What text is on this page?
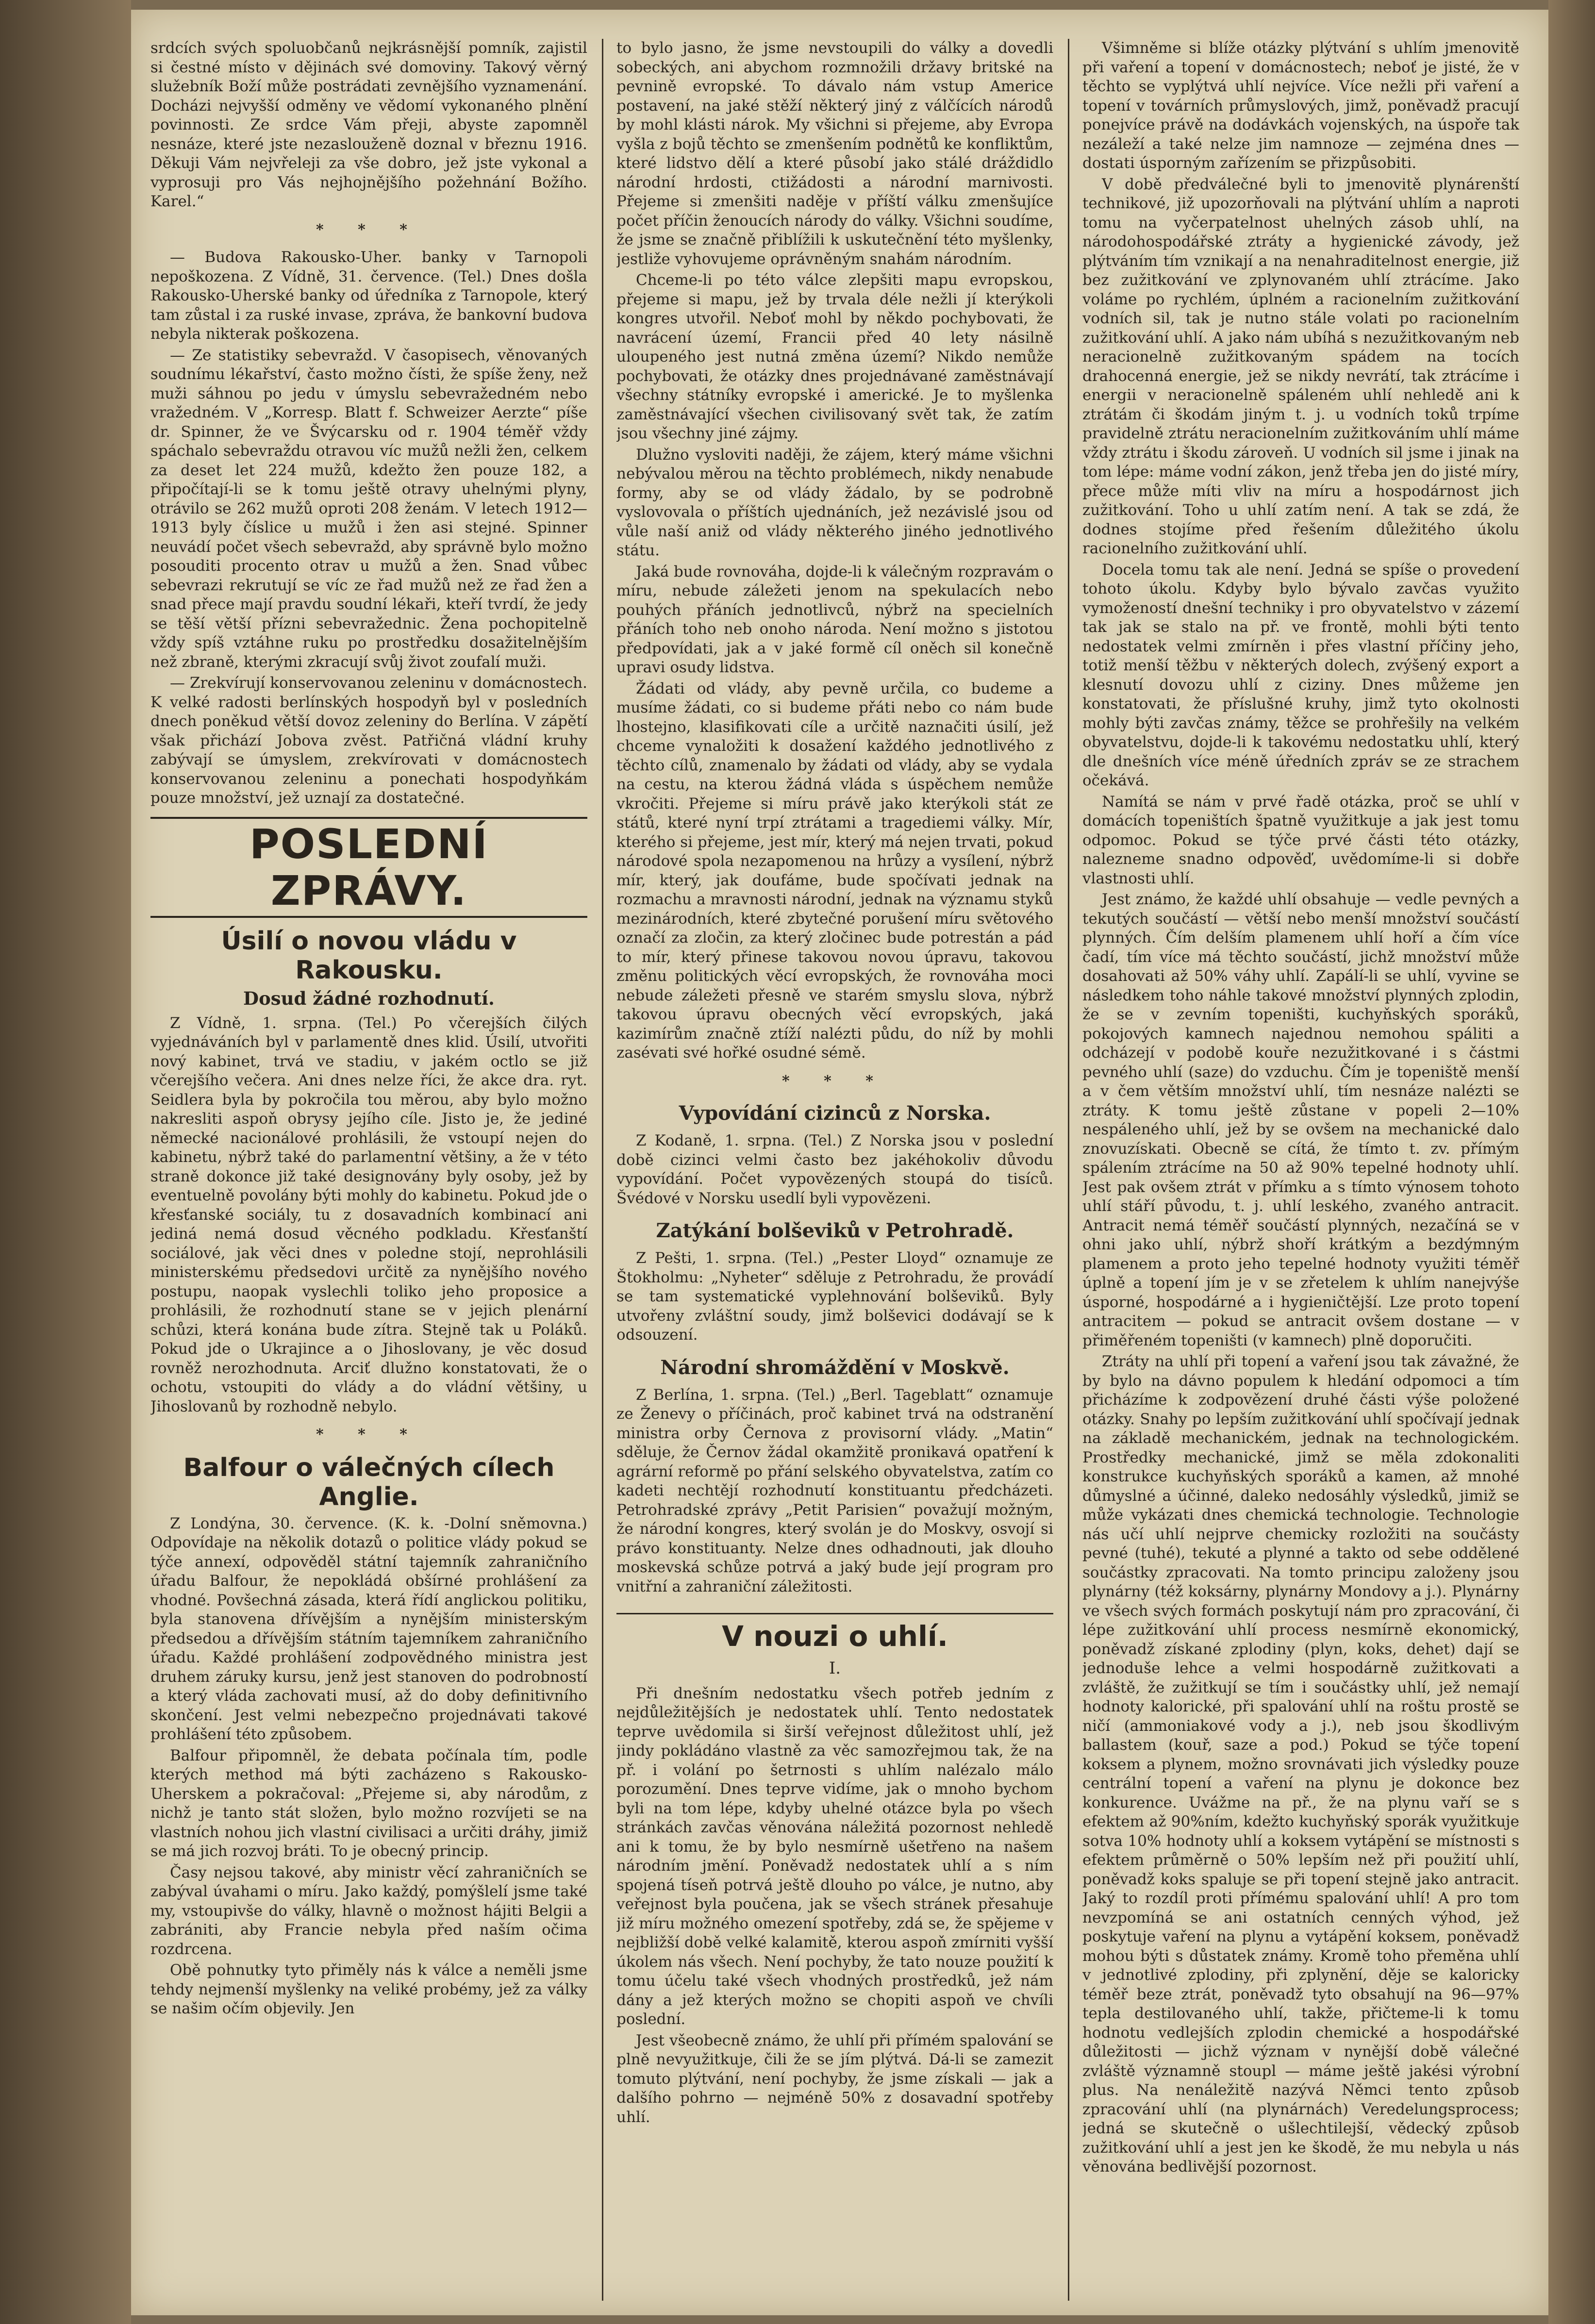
srdcích svých spoluobčanů nejkrásnější pomník, zajistil si čestné místo v dějinách své domoviny. Takový věrný služebník Boží může postrádati zevnějšího vyznamenání. Docházi nejvyšší odměny ve vědomí vykonaného plnění povinnosti. Ze srdce Vám přeji, abyste zapomněl nesnáze, které jste nezaslouženě doznal v březnu 1916. Děkuji Vám nejvřeleji za vše dobro, jež jste vykonal a vyprosuji pro Vás nejhojnějšího požehnání Božího. Karel.“

* * *

— Budova Rakousko-Uher. banky v Tarnopoli nepoškozena. Z Vídně, 31. července. (Tel.) Dnes došla Rakousko-Uherské banky od úředníka z Tarnopole, který tam zůstal i za ruské invase, zpráva, že bankovní budova nebyla nikterak poškozena.

— Ze statistiky sebevražd. V časopisech, věnovaných soudnímu lékařství, často možno čísti, že spíše ženy, než muži sáhnou po jedu v úmyslu sebevražedném nebo vražedném. V „Korresp. Blatt f. Schweizer Aerzte“ píše dr. Spinner, že ve Švýcarsku od r. 1904 téměř vždy spáchalo sebevraždu otravou víc mužů nežli žen, celkem za deset let 224 mužů, kdežto žen pouze 182, a připočítají-li se k tomu ještě otravy uhelnými plyny, otrávilo se 262 mužů oproti 208 ženám. V letech 1912—1913 byly číslice u mužů i žen asi stejné. Spinner neuvádí počet všech sebevražd, aby správně bylo možno posouditi procento otrav u mužů a žen. Snad vůbec sebevrazi rekrutují se víc ze řad mužů než ze řad žen a snad přece mají pravdu soudní lékaři, kteří tvrdí, že jedy se těší větší přízni sebevražednic. Žena pochopitelně vždy spíš vztáhne ruku po prostředku dosažitelnějším než zbraně, kterými zkracují svůj život zoufalí muži.

— Zrekvírují konservovanou zeleninu v domácnostech. K velké radosti berlínských hospodyň byl v posledních dnech poněkud větší dovoz zeleniny do Berlína. V zápětí však přichází Jobova zvěst. Patřičná vládní kruhy zabývají se úmyslem, zrekvírovati v domácnostech konservovanou zeleninu a ponechati hospodyňkám pouze množství, jež uznají za dostatečné.

POSLEDNÍ ZPRÁVY.
Úsilí o novou vládu v Rakousku.
Dosud žádné rozhodnutí.

Z Vídně, 1. srpna. (Tel.) Po včerejších čilých vyjednáváních byl v parlamentě dnes klid. Úsilí, utvořiti nový kabinet, trvá ve stadiu, v jakém octlo se již včerejšího večera. Ani dnes nelze říci, že akce dra. ryt. Seidlera byla by pokročila tou měrou, aby bylo možno nakresliti aspoň obrysy jejího cíle. Jisto je, že jediné německé nacionálové prohlásili, že vstoupí nejen do kabinetu, nýbrž také do parlamentní většiny, a že v této straně dokonce již také designovány byly osoby, jež by eventuelně povolány býti mohly do kabinetu. Pokud jde o křesťanské sociály, tu z dosavadních kombinací ani jediná nemá dosud věcného podkladu. Křesťanští sociálové, jak věci dnes v poledne stojí, neprohlásili ministerskému předsedovi určitě za nynějšího nového postupu, naopak vyslechli toliko jeho proposice a prohlásili, že rozhodnutí stane se v jejich plenární schůzi, která konána bude zítra. Stejně tak u Poláků. Pokud jde o Ukrajince a o Jihoslovany, je věc dosud rovněž nerozhodnuta. Arciť dlužno konstatovati, že o ochotu, vstoupiti do vlády a do vládní většiny, u Jihoslovanů by rozhodně nebylo.

* * *
Balfour o válečných cílech Anglie.

Z Londýna, 30. července. (K. k. -Dolní sněmovna.) Odpovídaje na několik dotazů o politice vlády pokud se týče annexí, odpověděl státní tajemník zahraničního úřadu Balfour, že nepokládá obšírné prohlášení za vhodné. Povšechná zásada, která řídí anglickou politiku, byla stanovena dřívějším a nynějším ministerským předsedou a dřívějším státním tajemníkem zahraničního úřadu. Každé prohlášení zodpovědného ministra jest druhem záruky kursu, jenž jest stanoven do podrobností a který vláda zachovati musí, až do doby definitivního skončení. Jest velmi nebezpečno projednávati takové prohlášení této způsobem.

Balfour připomněl, že debata počínala tím, podle kterých method má býti zacházeno s Rakousko-Uherskem a pokračoval: „Přejeme si, aby národům, z nichž je tanto stát složen, bylo možno rozvíjeti se na vlastních nohou jich vlastní civilisaci a určiti dráhy, jimiž se má jich rozvoj bráti. To je obecný princip.

Časy nejsou takové, aby ministr věcí zahraničních se zabýval úvahami o míru. Jako každý, pomýšlelí jsme také my, vstoupivše do války, hlavně o možnost hájiti Belgii a zabrániti, aby Francie nebyla před naším očima rozdrcena.

Obě pohnutky tyto přiměly nás k válce a neměli jsme tehdy nejmenší myšlenky na veliké probémy, jež za války se našim očím objevily. Jen

to bylo jasno, že jsme nevstoupili do války a dovedli sobeckých, ani abychom rozmnožili državy britské na pevnině evropské. To dávalo nám vstup Americe postavení, na jaké stěží některý jiný z válčících národů by mohl klásti nárok. My všichni si přejeme, aby Evropa vyšla z bojů těchto se zmenšením podnětů ke konfliktům, které lidstvo dělí a které působí jako stálé dráždidlo národní hrdosti, ctižádosti a národní marnivosti. Přejeme si zmenšiti naděje v příští válku zmenšujíce počet příčin ženoucích národy do války. Všichni soudíme, že jsme se značně přiblížili k uskutečnění této myšlenky, jestliže vyhovujeme oprávněným snahám národním.

Chceme-li po této válce zlepšiti mapu evropskou, přejeme si mapu, jež by trvala déle nežli jí kterýkoli kongres utvořil. Neboť mohl by někdo pochybovati, že navrácení území, Francii před 40 lety násilně uloupeného jest nutná změna území? Nikdo nemůže pochybovati, že otázky dnes projednávané zaměstnávají všechny státníky evropské i americké. Je to myšlenka zaměstnávající všechen civilisovaný svět tak, že zatím jsou všechny jiné zájmy.

Dlužno vysloviti naději, že zájem, který máme všichni nebývalou měrou na těchto problémech, nikdy nenabude formy, aby se od vlády žádalo, by se podrobně vyslovovala o příštích ujednáních, jež nezávislé jsou od vůle naší aniž od vlády některého jiného jednotlivého státu.

Jaká bude rovnováha, dojde-li k válečným rozpravám o míru, nebude záležeti jenom na spekulacích nebo pouhých přáních jednotlivců, nýbrž na specielních přáních toho neb onoho národa. Není možno s jistotou předpovídati, jak a v jaké formě cíl oněch sil konečně upravi osudy lidstva.

Žádati od vlády, aby pevně určila, co budeme a musíme žádati, co si budeme přáti nebo co nám bude lhostejno, klasifikovati cíle a určitě naznačiti úsilí, jež chceme vynaložiti k dosažení každého jednotlivého z těchto cílů, znamenalo by žádati od vlády, aby se vydala na cestu, na kterou žádná vláda s úspěchem nemůže vkročiti. Přejeme si míru právě jako kterýkoli stát ze států, které nyní trpí ztrátami a tragediemi války. Mír, kterého si přejeme, jest mír, který má nejen trvati, pokud národové spola nezapomenou na hrůzy a vysílení, nýbrž mír, který, jak doufáme, bude spočívati jednak na rozmachu a mravnosti národní, jednak na významu styků mezinárodních, které zbytečné porušení míru světového označí za zločin, za který zločinec bude potrestán a pád to mír, který přinese takovou novou úpravu, takovou změnu politických věcí evropských, že rovnováha moci nebude záležeti přesně ve starém smyslu slova, nýbrž takovou úpravu obecných věcí evropských, jaká kazimírům značně ztíží nalézti půdu, do níž by mohli zasévati své hořké osudné sémě.

* * *
Vypovídání cizinců z Norska.

Z Kodaně, 1. srpna. (Tel.) Z Norska jsou v poslední době cizinci velmi často bez jakéhokoliv důvodu vypovídání. Počet vypovězených stoupá do tisíců. Švédové v Norsku usedlí byli vypovězeni.

Zatýkání bolševiků v Petrohradě.

Z Pešti, 1. srpna. (Tel.) „Pester Lloyd“ oznamuje ze Štokholmu: „Nyheter“ sděluje z Petrohradu, že provádí se tam systematické vyplehnování bolševiků. Byly utvořeny zvláštní soudy, jimž bolševici dodávají se k odsouzení.

Národní shromáždění v Moskvě.

Z Berlína, 1. srpna. (Tel.) „Berl. Tageblatt“ oznamuje ze Ženevy o příčinách, proč kabinet trvá na odstranění ministra orby Černova z provisorní vlády. „Matin“ sděluje, že Černov žádal okamžitě pronikavá opatření k agrární reformě po přání selského obyvatelstva, zatím co kadeti nechtějí rozhodnutí konstituantu předcházeti. Petrohradské zprávy „Petit Parisien“ považují možným, že národní kongres, který svolán je do Moskvy, osvojí si právo konstituanty. Nelze dnes odhadnouti, jak dlouho moskevská schůze potrvá a jaký bude její program pro vnitřní a zahraniční záležitosti.

V nouzi o uhlí.
I.

Při dnešním nedostatku všech potřeb jedním z nejdůležitějších je nedostatek uhlí. Tento nedostatek teprve uvědomila si širší veřejnost důležitost uhlí, jež jindy pokládáno vlastně za věc samozřejmou tak, že na př. i volání po šetrnosti s uhlím nalézalo málo porozumění. Dnes teprve vidíme, jak o mnoho bychom byli na tom lépe, kdyby uhelné otázce byla po všech stránkách zavčas věnována náležitá pozornost nehledě ani k tomu, že by bylo nesmírně ušetřeno na našem národním jmění. Poněvadž nedostatek uhlí a s ním spojená tíseň potrvá ještě dlouho po válce, je nutno, aby veřejnost byla poučena, jak se všech stránek přesahuje již míru možného omezení spotřeby, zdá se, že spějeme v nejbližší době velké kalamitě, kterou aspoň zmírniti vyšší úkolem nás všech. Není pochyby, že tato nouze použití k tomu účelu také všech vhodných prostředků, jež nám dány a jež kterých možno se chopiti aspoň ve chvíli poslední.

Jest všeobecně známo, že uhlí při přímém spalování se plně nevyužitkuje, čili že se jím plýtvá. Dá-li se zamezit tomuto plýtvání, není pochyby, že jsme získali — jak a dalšího pohrno — nejméně 50% z dosavadní spotřeby uhlí.

Všimněme si blíže otázky plýtvání s uhlím jmenovitě při vaření a topení v domácnostech; neboť je jisté, že v těchto se vyplýtvá uhlí nejvíce. Více nežli při vaření a topení v továrních průmyslových, jimž, poněvadž pracují ponejvíce právě na dodávkách vojenských, na úspoře tak nezáleží a také nelze jim namnoze — zejména dnes — dostati úsporným zařízením se přizpůsobiti.

V době předválečné byli to jmenovitě plynárenští technikové, již upozorňovali na plýtvání uhlím a naproti tomu na vyčerpatelnost uhelných zásob uhlí, na národohospodářské ztráty a hygienické závody, jež plýtváním tím vznikají a na nenahraditelnost energie, již bez zužitkování ve zplynovaném uhlí ztrácíme. Jako voláme po rychlém, úplném a racionelním zužitkování vodních sil, tak je nutno stále volati po racionelním zužitkování uhlí. A jako nám ubíhá s nezužitkovaným neb neracionelně zužitkovaným spádem na tocích drahocenná energie, jež se nikdy nevrátí, tak ztrácíme i energii v neracionelně spáleném uhlí nehledě ani k ztrátám či škodám jiným t. j. u vodních toků trpíme pravidelně ztrátu neracionelním zužitkováním uhlí máme vždy ztrátu i škodu zároveň. U vodních sil jsme i jinak na tom lépe: máme vodní zákon, jenž třeba jen do jisté míry, přece může míti vliv na míru a hospodárnost jich zužitkování. Toho u uhlí zatím není. A tak se zdá, že dodnes stojíme před řešením důležitého úkolu racionelního zužitkování uhlí.

Docela tomu tak ale není. Jedná se spíše o provedení tohoto úkolu. Kdyby bylo bývalo zavčas využito vymožeností dnešní techniky i pro obyvatelstvo v zázemí tak jak se stalo na př. ve frontě, mohli býti tento nedostatek velmi zmírněn i přes vlastní příčiny jeho, totiž menší těžbu v některých dolech, zvýšený export a klesnutí dovozu uhlí z ciziny. Dnes můžeme jen konstatovati, že příslušné kruhy, jimž tyto okolnosti mohly býti zavčas známy, těžce se prohřešily na velkém obyvatelstvu, dojde-li k takovému nedostatku uhlí, který dle dnešních více méně úředních zpráv se ze strachem očekává.

Namítá se nám v prvé řadě otázka, proč se uhlí v domácích topeništích špatně využitkuje a jak jest tomu odpomoc. Pokud se týče prvé části této otázky, nalezneme snadno odpověď, uvědomíme-li si dobře vlastnosti uhlí.

Jest známo, že každé uhlí obsahuje — vedle pevných a tekutých součástí — větší nebo menší množství součástí plynných. Čím delším plamenem uhlí hoří a čím více čadí, tím více má těchto součástí, jichž množství může dosahovati až 50% váhy uhlí. Zapálí-li se uhlí, vyvine se následkem toho náhle takové množství plynných zplodin, že se v zevním topeništi, kuchyňských sporáků, pokojových kamnech najednou nemohou spáliti a odcházejí v podobě kouře nezužitkované i s částmi pevného uhlí (saze) do vzduchu. Čím je topeniště menší a v čem větším množství uhlí, tím nesnáze nalézti se ztráty. K tomu ještě zůstane v popeli 2—10% nespáleného uhlí, jež by se ovšem na mechanické dalo znovuzískati. Obecně se cítá, že tímto t. zv. přímým spálením ztrácíme na 50 až 90% tepelné hodnoty uhlí. Jest pak ovšem ztrát v přímku a s tímto výnosem tohoto uhlí stáří původu, t. j. uhlí leského, zvaného antracit. Antracit nemá téměř součástí plynných, nezačíná se v ohni jako uhlí, nýbrž shoří krátkým a bezdýmným plamenem a proto jeho tepelné hodnoty využiti téměř úplně a topení jím je v se zřetelem k uhlím nanejvýše úsporné, hospodárné a i hygieničtější. Lze proto topení antracitem — pokud se antracit ovšem dostane — v přiměřeném topeništi (v kamnech) plně doporučiti.

Ztráty na uhlí při topení a vaření jsou tak závažné, že by bylo na dávno populem k hledání odpomoci a tím přicházíme k zodpovězení druhé části výše položené otázky. Snahy po lepším zužitkování uhlí spočívají jednak na základě mechanickém, jednak na technologickém. Prostředky mechanické, jimž se měla zdokonaliti konstrukce kuchyňských sporáků a kamen, až mnohé důmyslné a účinné, daleko nedosáhly výsledků, jimiž se může vykázati dnes chemická technologie. Technologie nás učí uhlí nejprve chemicky rozložiti na součásty pevné (tuhé), tekuté a plynné a takto od sebe oddělené součástky zpracovati. Na tomto principu založeny jsou plynárny (též koksárny, plynárny Mondovy a j.). Plynárny ve všech svých formách poskytují nám pro zpracování, či lépe zužitkování uhlí process nesmírně ekonomický, poněvadž získané zplodiny (plyn, koks, dehet) dají se jednoduše lehce a velmi hospodárně zužitkovati a zvláště, že zužitkují se tím i součástky uhlí, jež nemají hodnoty kalorické, při spalování uhlí na roštu prostě se ničí (ammoniakové vody a j.), neb jsou škodlivým ballastem (kouř, saze a pod.) Pokud se týče topení koksem a plynem, možno srovnávati jich výsledky pouze centrální topení a vaření na plynu je dokonce bez konkurence. Uvážme na př., že na plynu vaří se s efektem až 90%ním, kdežto kuchyňský sporák využitkuje sotva 10% hodnoty uhlí a koksem vytápění se místnosti s efektem průměrně o 50% lepším než při použití uhlí, poněvadž koks spaluje se při topení stejně jako antracit. Jaký to rozdíl proti přímému spalování uhlí! A pro tom nevzpomíná se ani ostatních cenných výhod, jež poskytuje vaření na plynu a vytápění koksem, poněvadž mohou býti s důstatek známy. Kromě toho přeměna uhlí v jednotlivé zplodiny, při zplynění, děje se kaloricky téměř beze ztrát, poněvadž tyto obsahují na 96—97% tepla destilovaného uhlí, takže, přičteme-li k tomu hodnotu vedlejších zplodin chemické a hospodářské důležitosti — jichž význam v nynější době válečné zvláště významně stoupl — máme ještě jakési výrobní plus. Na nenáležitě nazývá Němci tento způsob zpracování uhlí (na plynárnách) Veredelungsprocess; jedná se skutečně o ušlechtilejší, vědecký způsob zužitkování uhlí a jest jen ke škodě, že mu nebyla u nás věnována bedlivější pozornost.
